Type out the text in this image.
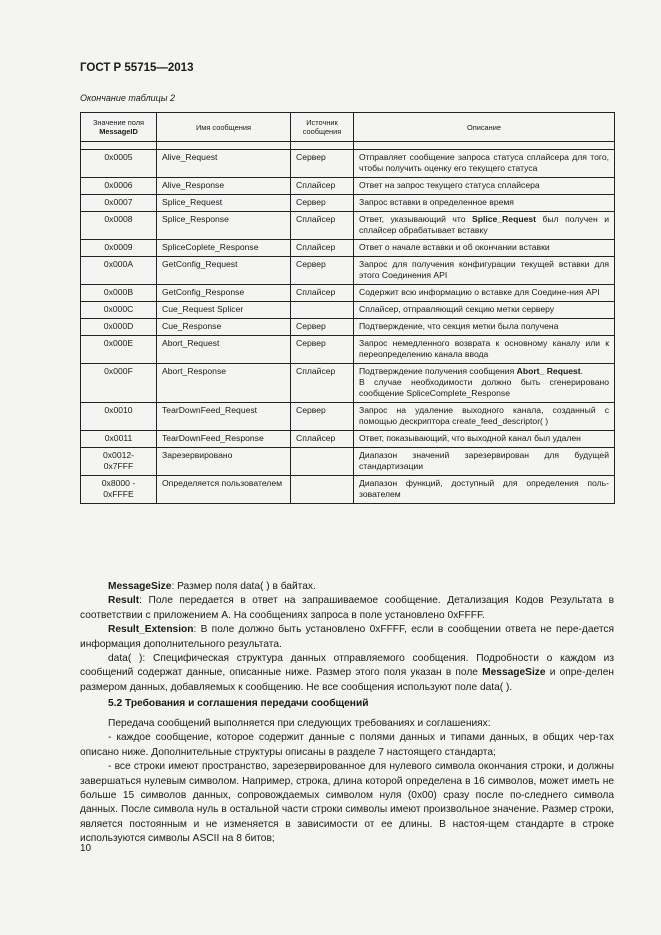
ГОСТ Р 55715—2013
Окончание таблицы 2
Значение поля
MessageID	Имя сообщения	Источник сообщения	Описание

0x0005	Alive_Request	Сервер	Отправляет сообщение запроса статуса сплайсера для того, чтобы получить оценку его текущего статуса
0x0006	Alive_Response	Сплайсер	Ответ на запрос текущего статуса сплайсера
0x0007	Splice_Request	Сервер	Запрос вставки в определенное время
0x0008	Splice_Response	Сплайсер	Ответ, указывающий что Splice_Request был получен и сплайсер обрабатывает вставку
0x0009	SpliceCoplete_Response	Сплайсер	Ответ о начале вставки и об окончании вставки
0x000A	GetConfig_Request	Сервер	Запрос для получения конфигурации текущей вставки для этого Соединения API
0x000B	GetConfig_Response	Сплайсер	Содержит всю информацию о вставке для Соедине-ния API
0x000C	Cue_Request Splicer		Сплайсер, отправляющий секцию метки серверу
0x000D	Cue_Response	Сервер	Подтверждение, что секция метки была получена
0x000E	Abort_Request	Сервер	Запрос немедленного возврата к основному каналу или к переопределению канала ввода
0x000F	Abort_Response	Сплайсер	Подтверждение получения сообщения Abort_ Request.
В случае необходимости должно быть сгенерировано сообщение SpliceComplete_Response
0x0010	TearDownFeed_Request	Сервер	Запрос на удаление выходного канала, созданный с помощью дескриптора create_feed_descriptor( )
0x0011	TearDownFeed_Response	Сплайсер	Ответ, показывающий, что выходной канал был удален
0x0012-
0x7FFF	Зарезервировано		Диапазон значений зарезервирован для будущей стандартизации
0x8000 -
0xFFFE	Определяется пользователем		Диапазон функций, доступный для определения поль-зователем

MessageSize: Размер поля data( ) в байтах.

Result: Поле передается в ответ на запрашиваемое сообщение. Детализация Кодов Результата в соответствии с приложением А. На сообщениях запроса в поле установлено 0xFFFF.

Result_Extension: В поле должно быть установлено 0xFFFF, если в сообщении ответа не пере-дается информация дополнительного результата.

data( ): Специфическая структура данных отправляемого сообщения. Подробности о каждом из сообщений содержат данные, описанные ниже. Размер этого поля указан в поле MessageSize и опре-делен размером данных, добавляемых к сообщению. Не все сообщения используют поле data( ).

5.2 Требования и соглашения передачи сообщений

Передача сообщений выполняется при следующих требованиях и соглашениях:

- каждое сообщение, которое содержит данные с полями данных и типами данных, в общих чер-тах описано ниже. Дополнительные структуры описаны в разделе 7 настоящего стандарта;

- все строки имеют пространство, зарезервированное для нулевого символа окончания строки, и должны завершаться нулевым символом. Например, строка, длина которой определена в 16 символов, может иметь не больше 15 символов данных, сопровождаемых символом нуля (0x00) сразу после по-следнего символа данных. После символа нуль в остальной части строки символы имеют произвольное значение. Размер строки, является постоянным и не изменяется в зависимости от ее длины. В настоя-щем стандарте в строке используются символы ASCII на 8 битов;

10
